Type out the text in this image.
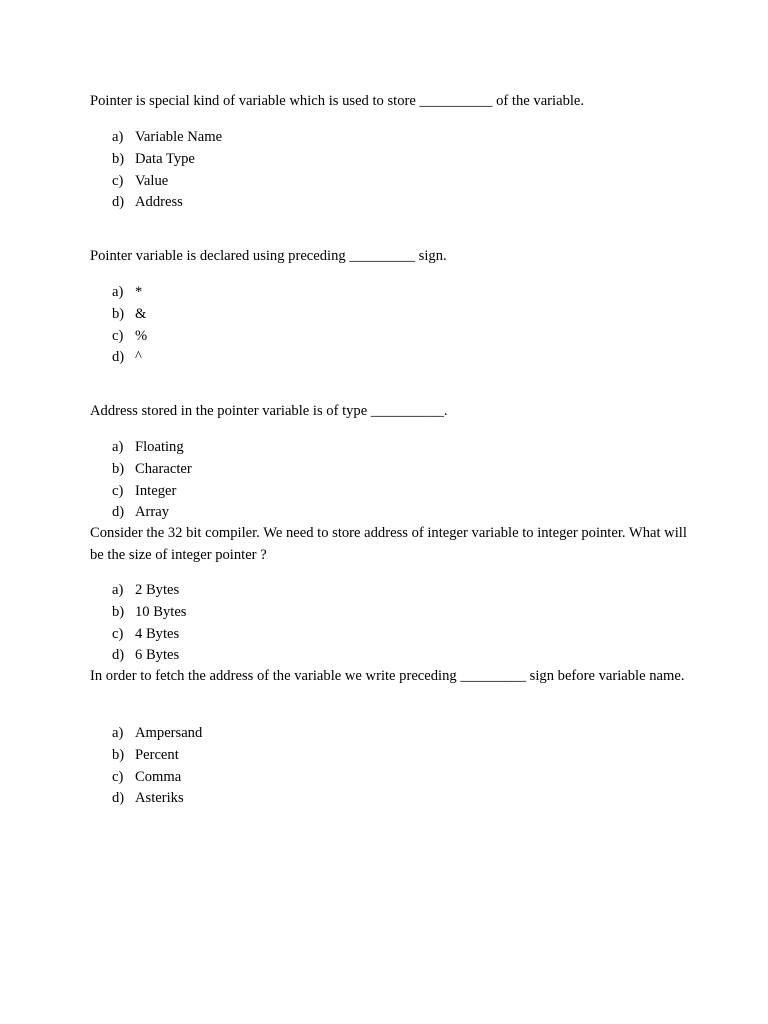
Pointer is special kind of variable which is used to store __________ of the variable.

a) Variable Name
b) Data Type
c) Value
d) Address

Pointer variable is declared using preceding _________ sign.

a) *
b) &
c) %
d) ^

Address stored in the pointer variable is of type __________.

a) Floating
b) Character
c) Integer
d) Array

Consider the 32 bit compiler. We need to store address of integer variable to integer pointer. What will be the size of integer pointer ?

a) 2 Bytes
b) 10 Bytes
c) 4 Bytes
d) 6 Bytes

In order to fetch the address of the variable we write preceding _________ sign before variable name.

a) Ampersand
b) Percent
c) Comma
d) Asteriks
